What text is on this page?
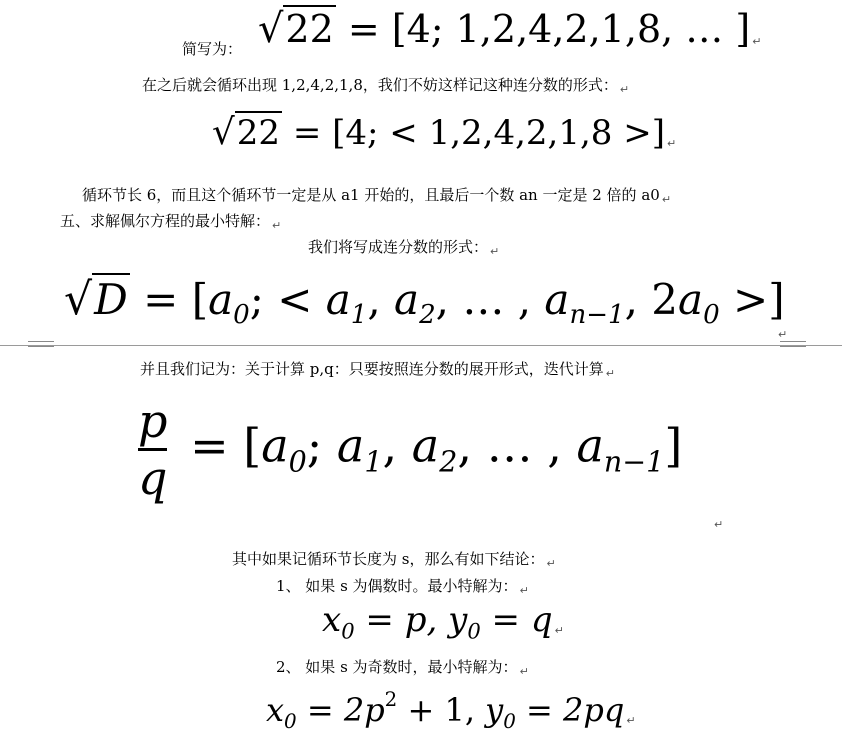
简写为： √22 = [4; 1,2,4,2,1,8, … ] ↵
在之后就会循环出现 1,2,4,2,1,8，我们不妨这样记这种连分数的形式： $_↵$
√22 = [4; < 1,2,4,2,1,8 >] ↵
循环节长 6，而且这个循环节一定是从 a1 开始的，且最后一个数 an 一定是 2 倍的 a0 $_↵$
五、求解佩尔方程的最小特解： $_↵$
我们将写成连分数的形式： $_↵$
$√D = [a_0$; < $a_1$, $a_2$, … , $a_{n-1}$, $2a_0$ >]
↵
并且我们记为：关于计算 p,q：只要按照连分数的展开形式，迭代计算 $_↵$
$\frac{p}{q} = [a_0$; $a_1$, $a_2$, … , $a_{n-1}$]
↵
其中如果记循环节长度为 s，那么有如下结论： $_↵$
1、 如果 s 为偶数时。最小特解为： $_↵$
$x_0 = p$, $y_0 = q$ ↵
2、 如果 s 为奇数时，最小特解为： $_↵$
$x_0 = 2p^2 + 1$, $y_0 = 2pq$ ↵
